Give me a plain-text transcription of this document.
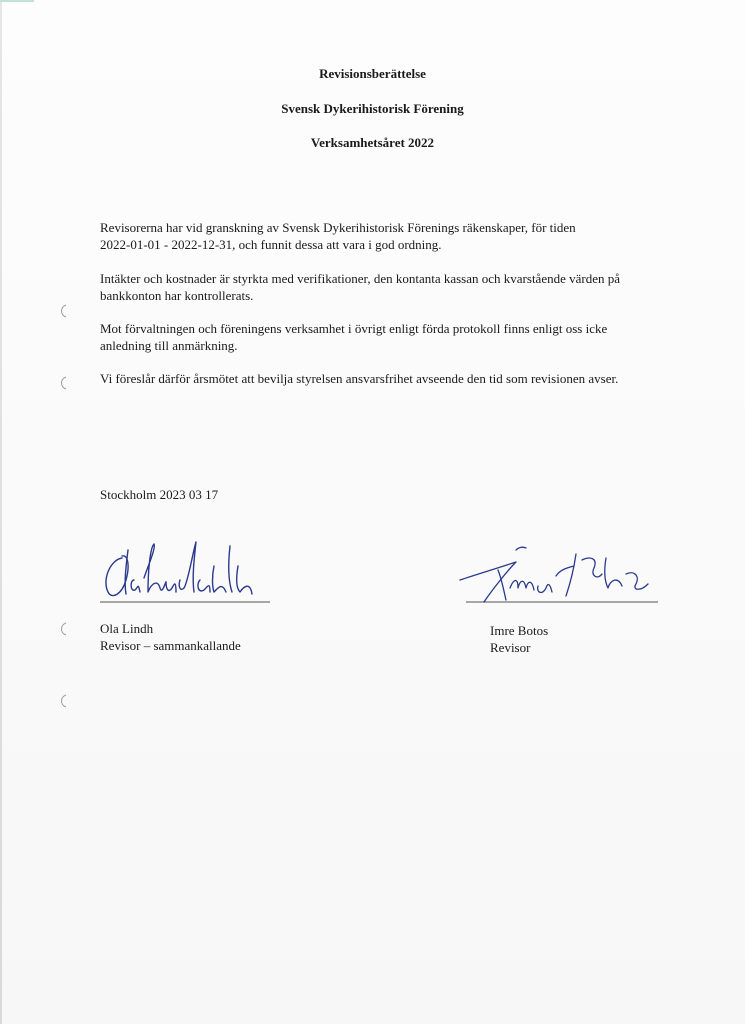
Revisionsberättelse
Svensk Dykerihistorisk Förening
Verksamhetsåret 2022
Revisorerna har vid granskning av Svensk Dykerihistorisk Förenings räkenskaper, för tiden
2022-01-01 - 2022-12-31, och funnit dessa att vara i god ordning.
Intäkter och kostnader är styrkta med verifikationer, den kontanta kassan och kvarstående värden på
bankkonton har kontrollerats.
Mot förvaltningen och föreningens verksamhet i övrigt enligt förda protokoll finns enligt oss icke
anledning till anmärkning.
Vi föreslår därför årsmötet att bevilja styrelsen ansvarsfrihet avseende den tid som revisionen avser.
Stockholm 2023 03 17
Ola Lindh
Revisor – sammankallande
Imre Botos
Revisor
